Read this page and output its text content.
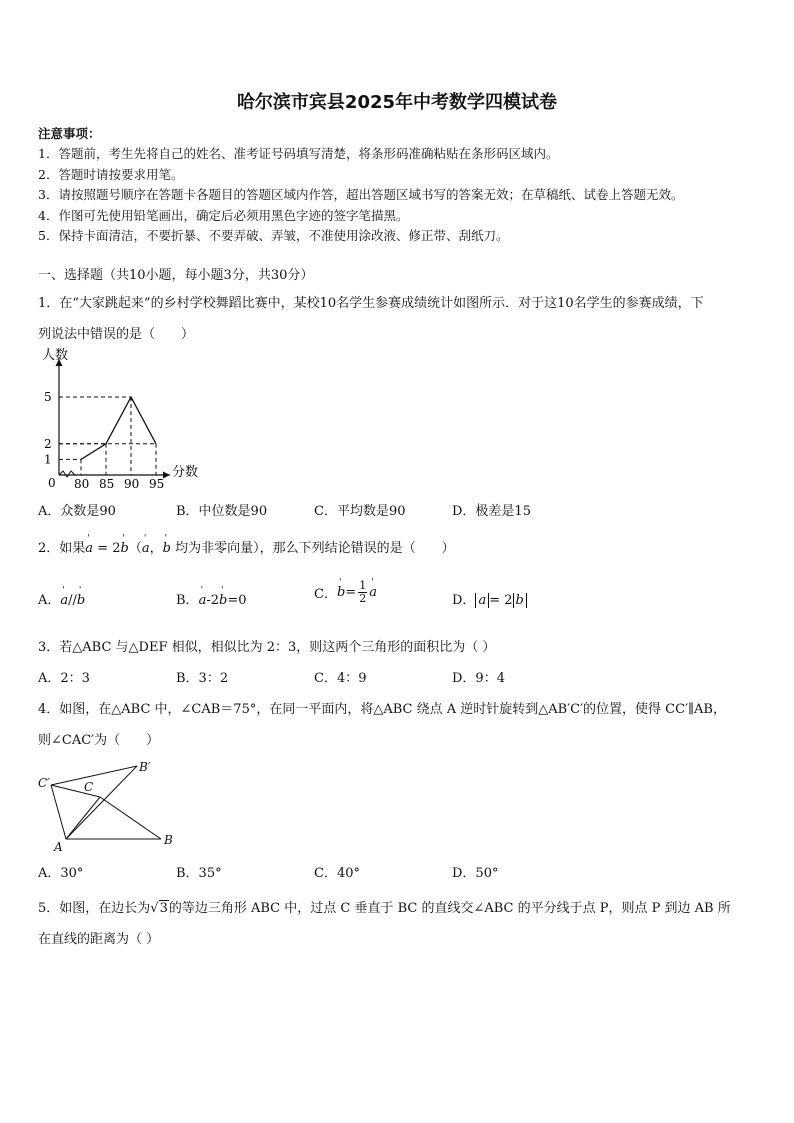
哈尔滨市宾县2025年中考数学四模试卷
注意事项：
1．答题前，考生先将自己的姓名、准考证号码填写清楚，将条形码准确粘贴在条形码区域内。
2．答题时请按要求用笔。
3．请按照题号顺序在答题卡各题目的答题区域内作答，超出答题区域书写的答案无效；在草稿纸、试卷上答题无效。
4．作图可先使用铅笔画出，确定后必须用黑色字迹的签字笔描黑。
5．保持卡面清洁，不要折暴、不要弄破、弄皱，不准使用涂改液、修正带、刮纸刀。
一、选择题（共10小题，每小题3分，共30分）
1．在“大家跳起来”的乡村学校舞蹈比赛中，某校10名学生参赛成绩统计如图所示．对于这10名学生的参赛成绩，下
列说法中错误的是（　　）
人数
分数
0 80 85 90 95
1
2
5
A．众数是90	B．中位数是90	C．平均数是90	D．极差是15
2．如果' a = 2' b（' a，' b 均为非零向量），那么下列结论错误的是（　　）
A．' a//' b	B．' a-2' b=0	C．' $b= \frac{1}{2}$
' a
D． a = 2 b
3．若△ABC 与△DEF 相似，相似比为 2：3，则这两个三角形的面积比为（ ）
A．2：3	B．3：2	C．4：9	D．9：4
4．如图，在△ABC 中，∠CAB＝75°，在同一平面内，将△ABC 绕点 A 逆时针旋转到△AB′C′的位置，使得 CC′∥AB，
则∠CAC′为（　　）
C′	C
B′
A	B
A．30°	B．35°	C．40°	D．50°
5．如图，在边长为√3的等边三角形 ABC 中，过点 C 垂直于 BC 的直线交∠ABC 的平分线于点 P，则点 P 到边 AB 所
在直线的距离为（ ）
